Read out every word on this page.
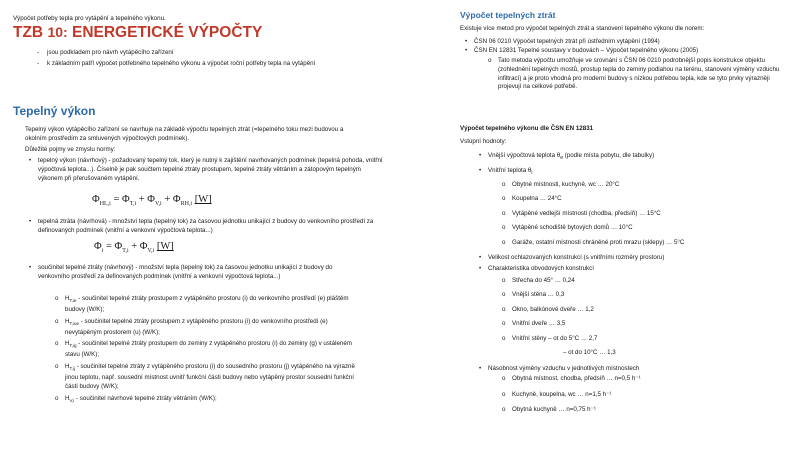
Výpočet potřeby tepla pro vytápění a tepelného výkonu.
TZB 10: ENERGETICKÉ VÝPOČTY
- jsou podkladem pro návrh vytápěcího zařízení
- k základním patří výpočet potřebného tepelného výkonu a výpočet roční potřeby tepla na vytápění
Tepelný výkon
Tepelný výkon vytápěcího zařízení se navrhuje na základě výpočtu tepelných ztrát (=tepelného toku mezi budovou a okolním prostředím za smluvených výpočtových podmínek).
Důležité pojmy ve zmyslu normy:
• tepelný výkon (návrhový) - požadovaný tepelný tok, který je nutný k zajištění navrhovaných podmínek (tepelná pohoda, vnitřní výpočtová teplota...). Číselně je pak součtem tepelné ztráty prostupem, tepelné ztráty větráním a zátopovým tepelným výkonem při přerušovaném vytápění.
$\Phi_{HL,i} = \Phi_{T,i} + \Phi_{V,i} + \Phi_{RH,i}$ [W]
• tepelná ztráta (návrhová) - množství tepla (tepelný tok) za časovou jednotku unikající z budovy do venkovního prostředí za definovaných podmínek (vnitřní a venkovní výpočtová teplota...)
$\Phi_i = \Phi_{T,i} + \Phi_{V,i}$ [W]
• součinitel tepelné ztráty (návrhový) - množství tepla (tepelný tok) za časovou jednotku unikající z budovy do venkovního prostředí za definovaných podmínek (vnitřní a venkovní výpočtová teplota...)
o $H_{T,ie}$ - součinitel tepelné ztráty prostupem z vytápěného prostoru (i) do venkovního prostředí (e) pláštěm budovy (W/K);
o $H_{T,iue}$ - součinitel tepelné ztráty prostupem z vytápěného prostoru (i) do venkovního prostředí (e) nevytápěným prostorem (u) (W/K);
o $H_{T,ig}$ - součinitel tepelné ztráty prostupem do zeminy z vytápěného prostoru (i) do zeminy (g) v ustáleném stavu (W/K);
o $H_{T,ij}$ - součinitel tepelné ztráty z vytápěného prostoru (i) do sousedního prostoru (j) vytápěného na výrazně jinou teplotu, např. sousední místnost uvnitř funkční části budovy nebo vytápěný prostor sousední funkční části budovy (W/K);
o $H_{V,i}$ - součinitel návrhové tepelné ztráty větráním (W/K);
Výpočet tepelných ztrát
Existuje více metod pro výpočet tepelných ztrát a stanovení tepelného výkonu dle norem:
• ČSN 06 0210 Výpočet tepelných ztrát při ústředním vytápění (1994)
• ČSN EN 12831 Tepelné soustavy v budovách – Výpočet tepelného výkonu (2005)
o Tato metoda výpočtu umožňuje ve srovnání s ČSN 06 0210 podrobnější popis konstrukce objektu (zohlednění tepelných mostů, prostup tepla do zeminy podlahou na terénu, stanovení výměny vzduchu infiltrací) a je proto vhodná pro moderní budovy s nízkou potřebou tepla, kde se tyto prvky výrazněji projevují na celkové potřebě.
Výpočet tepelného výkonu dle ČSN EN 12831
Vstupní hodnoty:
• Vnější výpočtová teplota $\theta_e$ (podle místa pobytu, dle tabulky)
• Vnitřní teplota $\theta_i$
o Obytné místnosti, kuchyně, wc … 20°C
o Koupelna … 24°C
o Vytápěné vedlejší místnosti (chodba, předsíň) … 15°C
o Vytápěné schodiště bytových domů … 10°C
o Garáže, ostatní místnosti chráněné proti mrazu (sklepy) … 5°C
• Velikost ochlazovaných konstrukcí (s vnitřními rozměry prostoru)
• Charakteristika obvodových konstrukcí
o Střecha do 45° … 0,24
o Vnější stěna … 0,3
o Okno, balkónové dveře … 1,2
o Vnitřní dveře … 3,5
o Vnitřní stěny – ot do 5°C … 2,7
– ot do 10°C … 1,3
• Násobnost výměny vzduchu v jednotlivých místnostech
o Obytná místnost, chodba, předsíň … n=0,5 h⁻¹
o Kuchyně, koupelna, wc … n=1,5 h⁻¹
o Obytná kuchyně … n=0,75 h⁻¹
